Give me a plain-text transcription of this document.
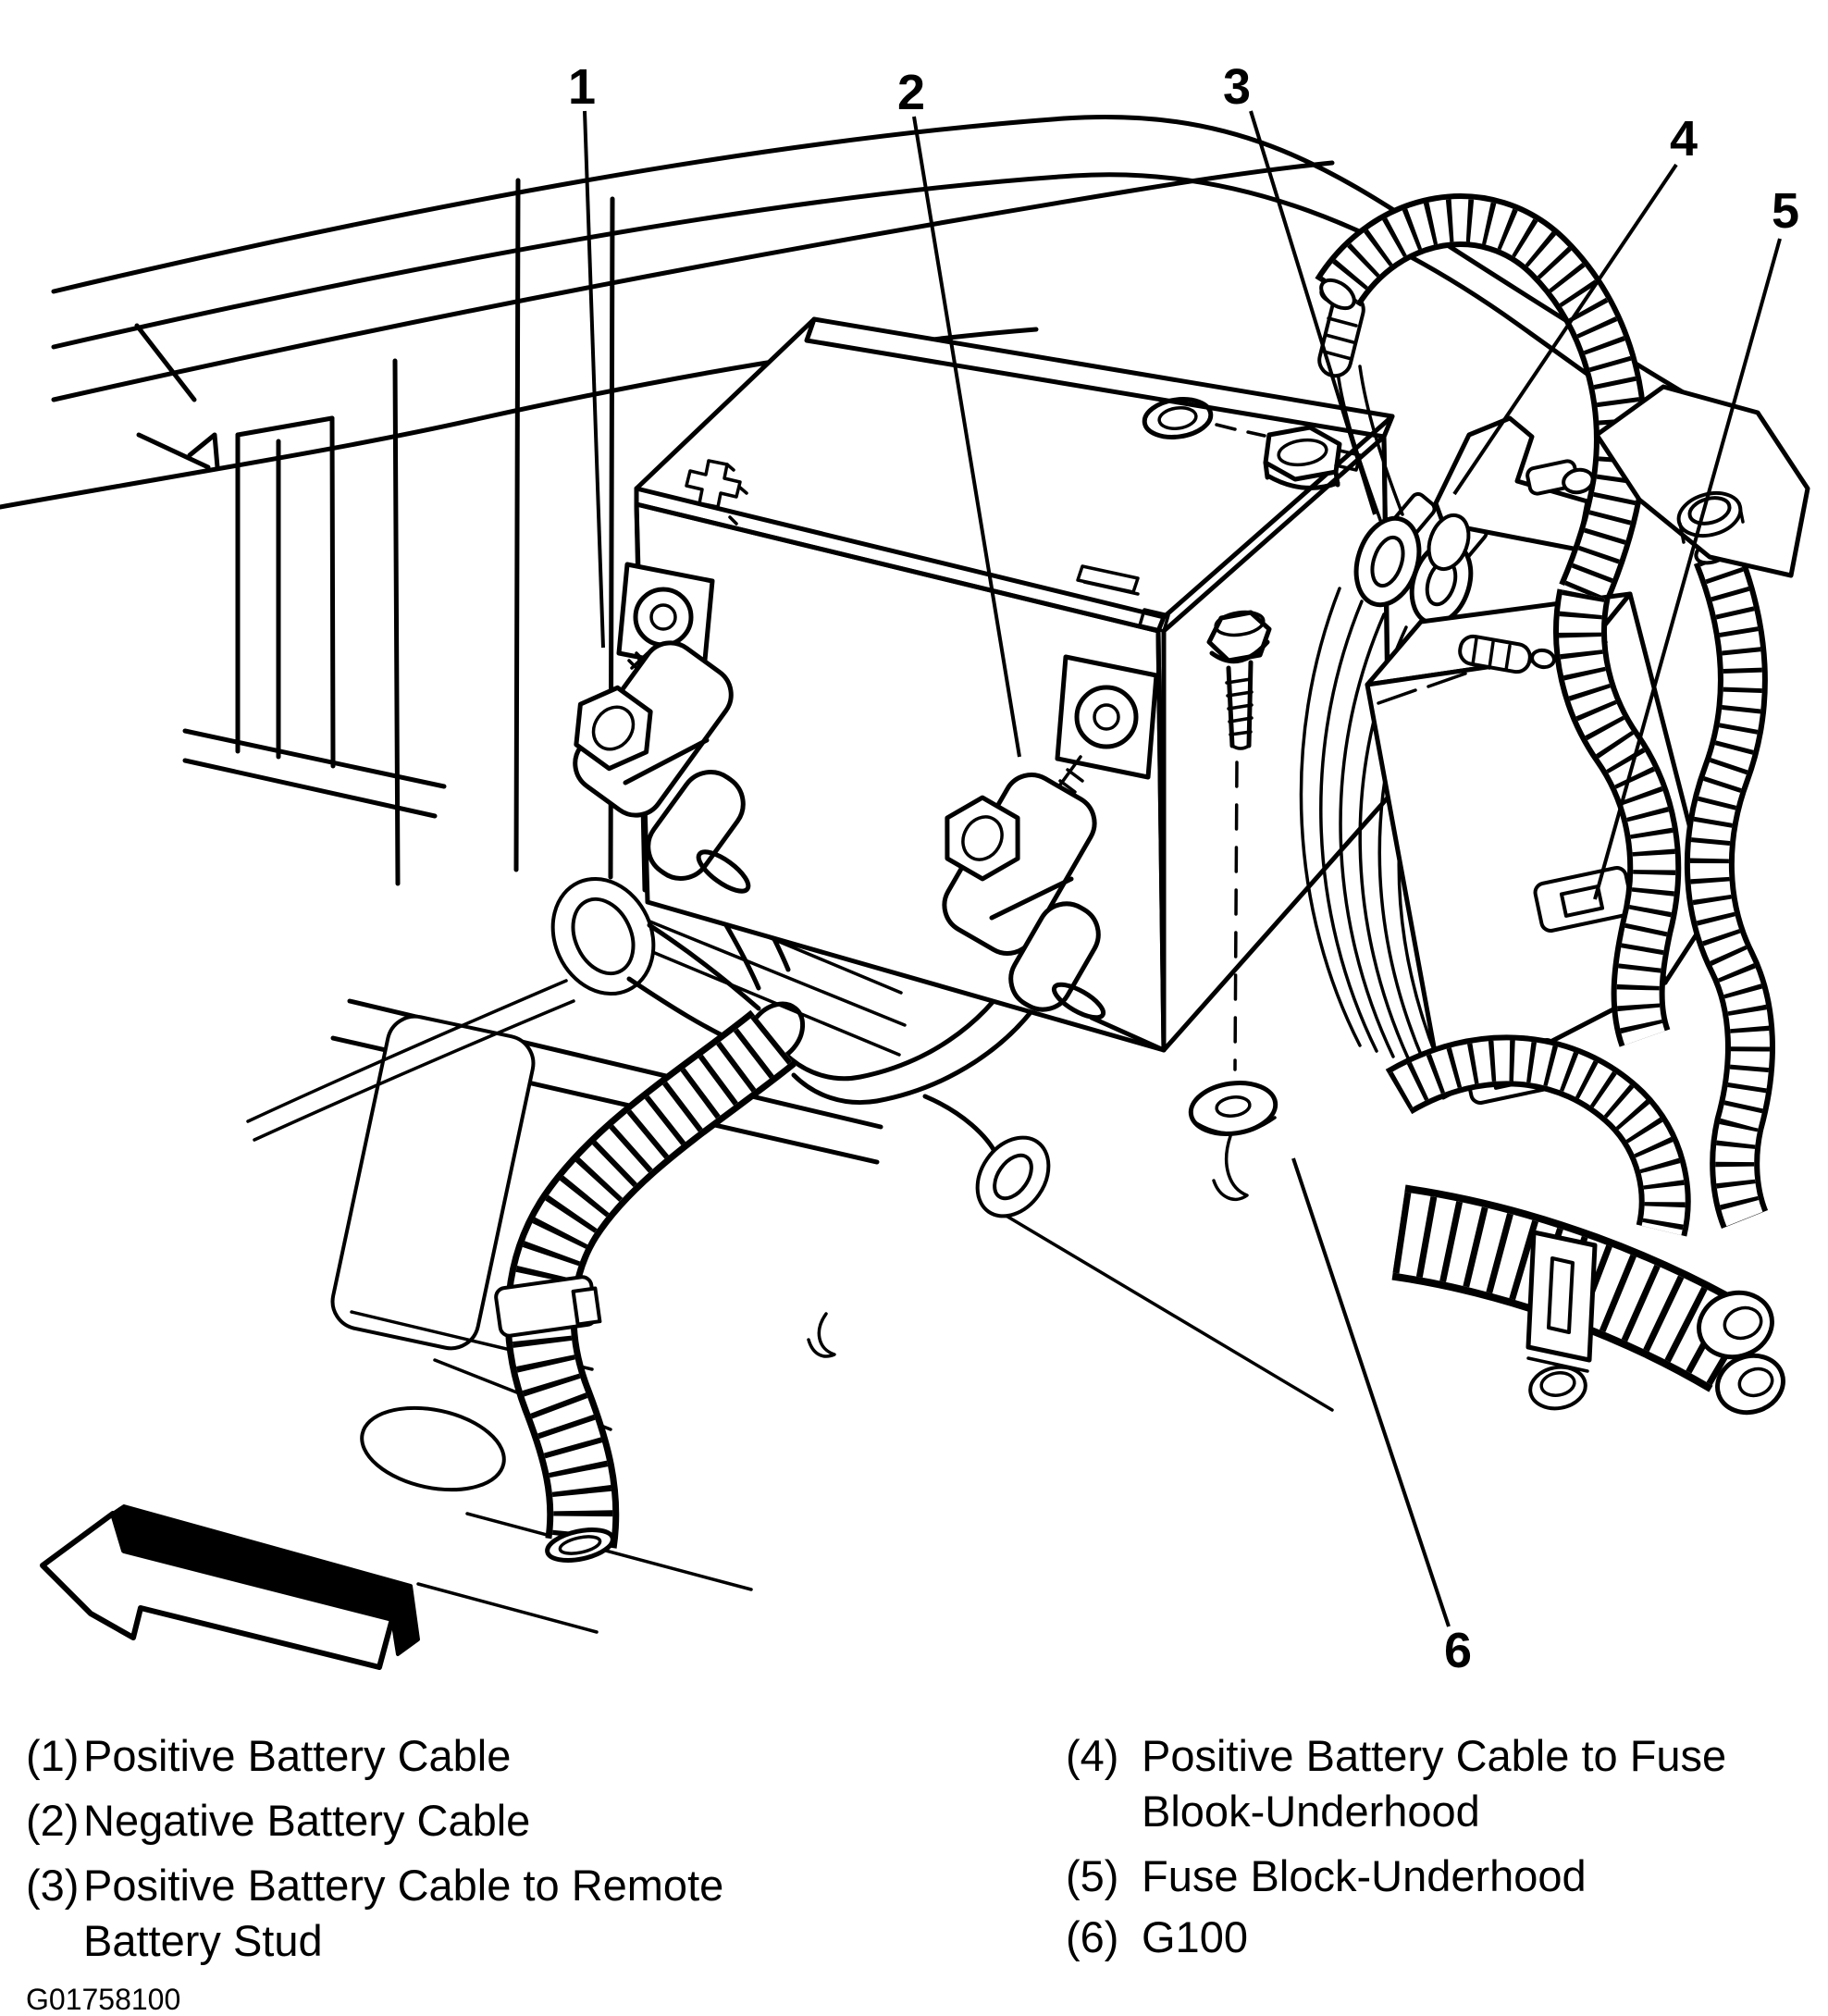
1	2	3
4
5
6
(1) Positive Battery Cable
(2) Negative Battery Cable
(3) Positive Battery Cable to Remote
Battery Stud
(4) Positive Battery Cable to Fuse
Blook-Underhood
(5) Fuse Block-Underhood
(6) G100
G01758100
